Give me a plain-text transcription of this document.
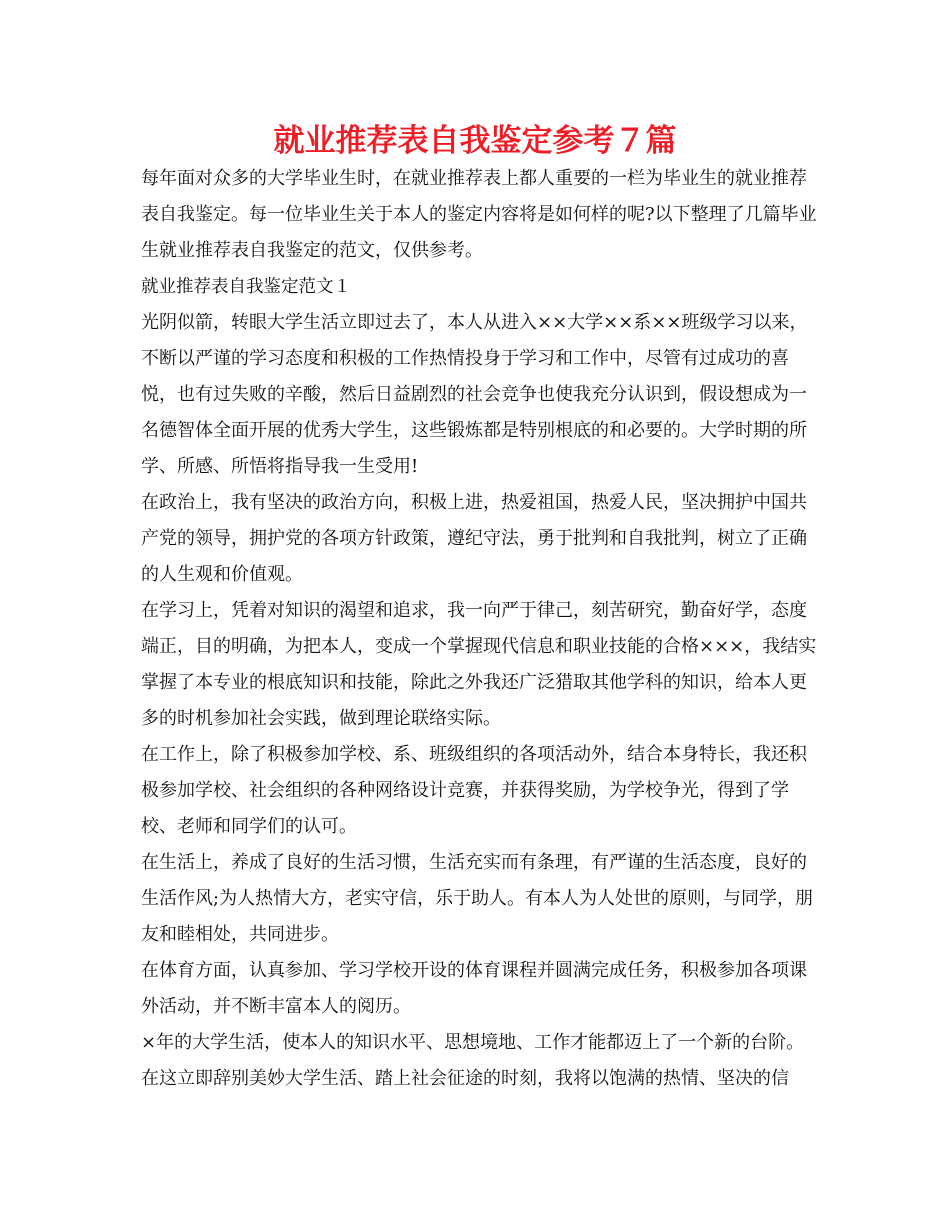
就业推荐表自我鉴定参考７篇

每年面对众多的大学毕业生时，在就业推荐表上都人重要的一栏为毕业生的就业推荐表自我鉴定。每一位毕业生关于本人的鉴定内容将是如何样的呢?以下整理了几篇毕业生就业推荐表自我鉴定的范文，仅供参考。

就业推荐表自我鉴定范文１

光阴似箭，转眼大学生活立即过去了，本人从进入××大学××系××班级学习以来，不断以严谨的学习态度和积极的工作热情投身于学习和工作中，尽管有过成功的喜悦，也有过失败的辛酸，然后日益剧烈的社会竞争也使我充分认识到，假设想成为一名德智体全面开展的优秀大学生，这些锻炼都是特别根底的和必要的。大学时期的所学、所感、所悟将指导我一生受用!

在政治上，我有坚决的政治方向，积极上进，热爱祖国，热爱人民，坚决拥护中国共产党的领导，拥护党的各项方针政策，遵纪守法，勇于批判和自我批判，树立了正确的人生观和价值观。

在学习上，凭着对知识的渴望和追求，我一向严于律己，刻苦研究，勤奋好学，态度端正，目的明确，为把本人，变成一个掌握现代信息和职业技能的合格×××，我结实掌握了本专业的根底知识和技能，除此之外我还广泛猎取其他学科的知识，给本人更多的时机参加社会实践，做到理论联络实际。

在工作上，除了积极参加学校、系、班级组织的各项活动外，结合本身特长，我还积极参加学校、社会组织的各种网络设计竞赛，并获得奖励，为学校争光，得到了学校、老师和同学们的认可。

在生活上，养成了良好的生活习惯，生活充实而有条理，有严谨的生活态度，良好的生活作风;为人热情大方，老实守信，乐于助人。有本人为人处世的原则，与同学，朋友和睦相处，共同进步。

在体育方面，认真参加、学习学校开设的体育课程并圆满完成任务，积极参加各项课外活动，并不断丰富本人的阅历。

×年的大学生活，使本人的知识水平、思想境地、工作才能都迈上了一个新的台阶。

在这立即辞别美妙大学生活、踏上社会征途的时刻，我将以饱满的热情、坚决的信
